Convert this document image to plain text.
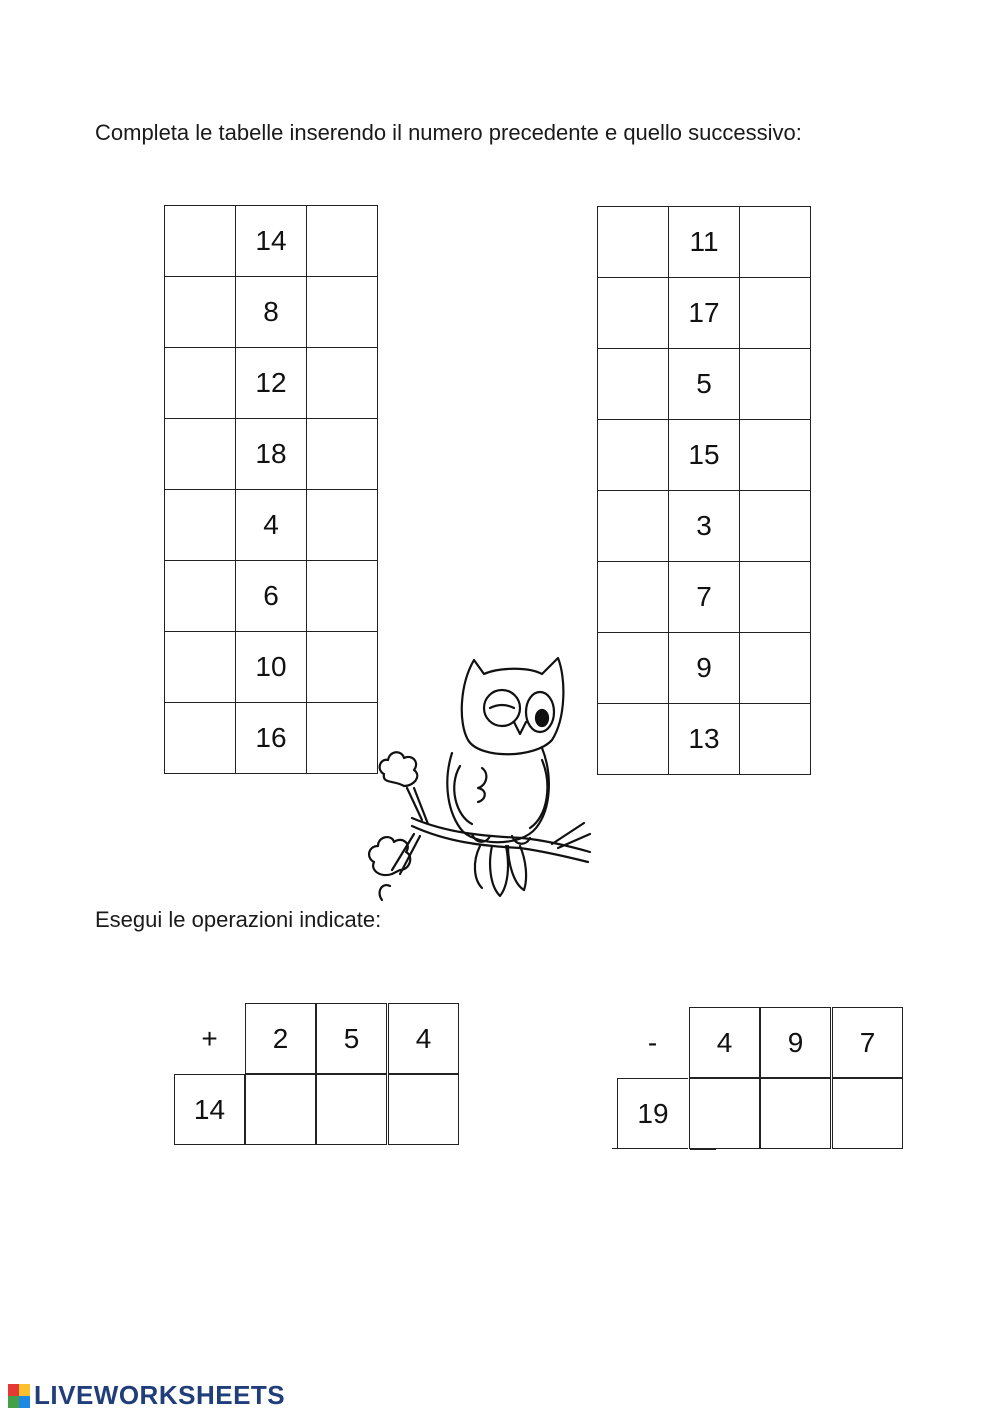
Completa le tabelle inserendo il numero precedente e quello successivo:
	14	
	8	
	12	
	18	
	4	
	6	
	10	
	16	
	11	
	17	
	5	
	15	
	3	
	7	
	9	
	13	
Esegui le operazioni indicate:
+	2	5	4
14
-	4	9	7
19
LIVEWORKSHEETS
